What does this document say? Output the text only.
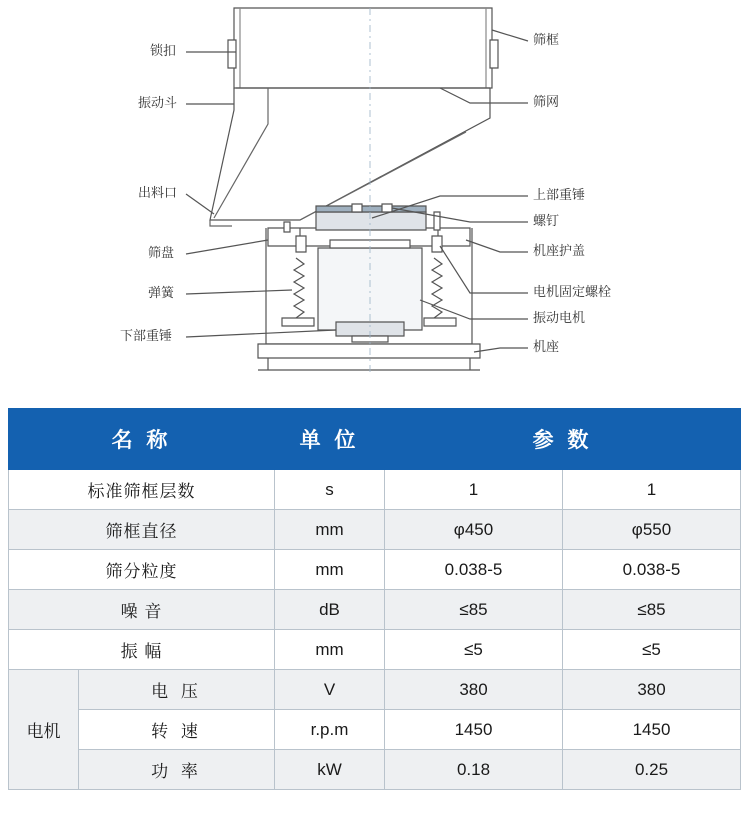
锁扣
振动斗
出料口
筛盘
弹簧
下部重锤
筛框
筛网
上部重锤
螺钉
机座护盖
电机固定螺栓
振动电机
机座
名 称		单 位	参 数	
标准筛框层数		s	1	1
筛框直径		mm	φ450	φ550
筛分粒度		mm	0.038-5	0.038-5
噪 音		dB	≤85	≤85
振 幅		mm	≤5	≤5
电机	电 压	V	380	380
	转 速	r.p.m	1450	1450
	功 率	kW	0.18	0.25
